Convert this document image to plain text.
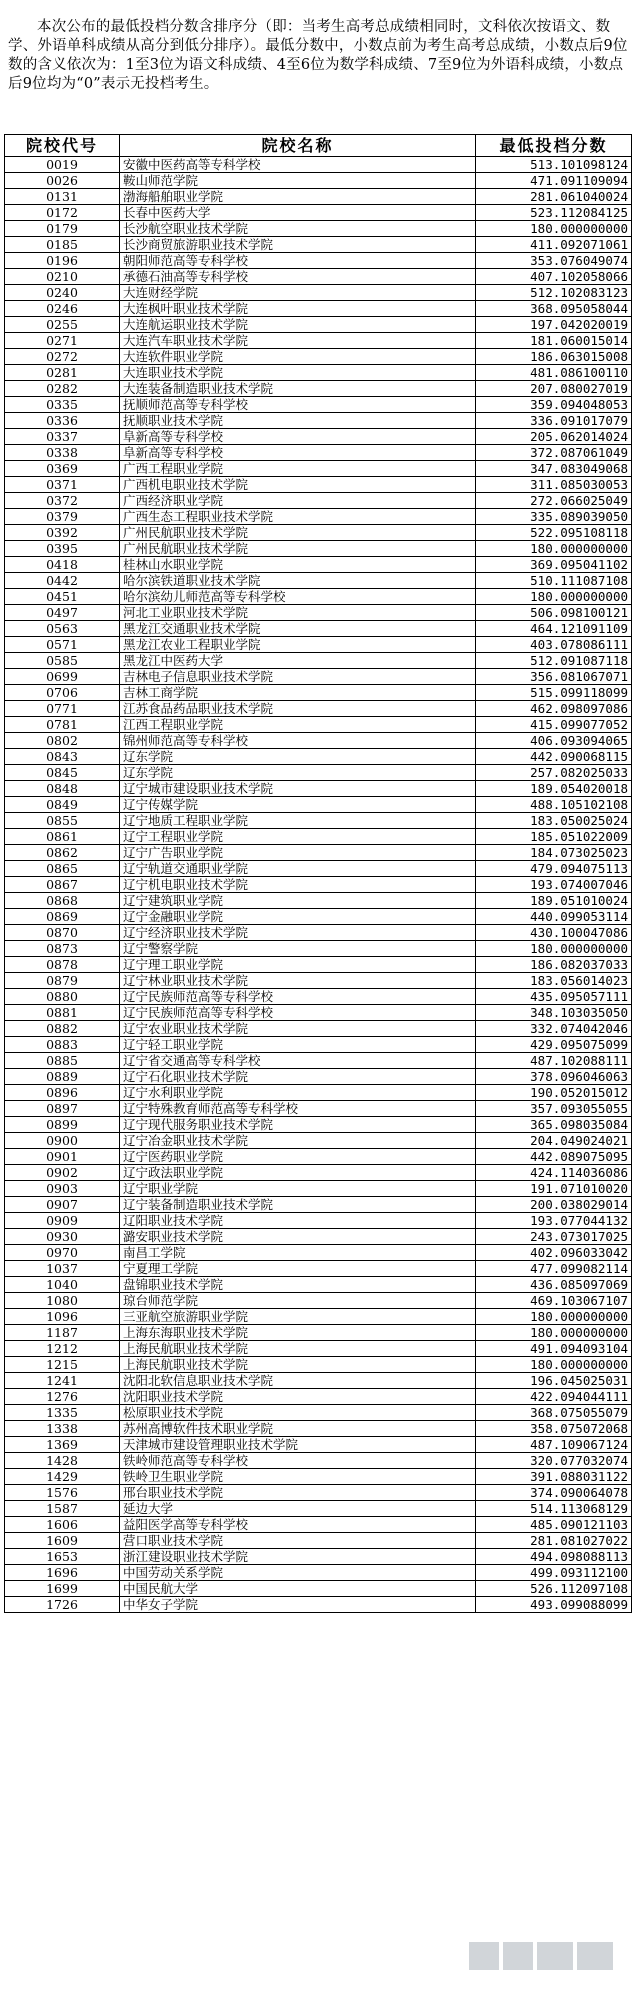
本次公布的最低投档分数含排序分（即：当考生高考总成绩相同时，文科依次按语文、数学、外语单科成绩从高分到低分排序）。最低分数中，小数点前为考生高考总成绩，小数点后9位数的含义依次为：1至3位为语文科成绩、4至6位为数学科成绩、7至9位为外语科成绩，小数点后9位均为“0”表示无投档考生。

院校代号	院校名称	最低投档分数
0019	安徽中医药高等专科学校	513.101098124
0026	鞍山师范学院	471.091109094
0131	渤海船舶职业学院	281.061040024
0172	长春中医药大学	523.112084125
0179	长沙航空职业技术学院	180.000000000
0185	长沙商贸旅游职业技术学院	411.092071061
0196	朝阳师范高等专科学校	353.076049074
0210	承德石油高等专科学校	407.102058066
0240	大连财经学院	512.102083123
0246	大连枫叶职业技术学院	368.095058044
0255	大连航运职业技术学院	197.042020019
0271	大连汽车职业技术学院	181.060015014
0272	大连软件职业学院	186.063015008
0281	大连职业技术学院	481.086100110
0282	大连装备制造职业技术学院	207.080027019
0335	抚顺师范高等专科学校	359.094048053
0336	抚顺职业技术学院	336.091017079
0337	阜新高等专科学校	205.062014024
0338	阜新高等专科学校	372.087061049
0369	广西工程职业学院	347.083049068
0371	广西机电职业技术学院	311.085030053
0372	广西经济职业学院	272.066025049
0379	广西生态工程职业技术学院	335.089039050
0392	广州民航职业技术学院	522.095108118
0395	广州民航职业技术学院	180.000000000
0418	桂林山水职业学院	369.095041102
0442	哈尔滨铁道职业技术学院	510.111087108
0451	哈尔滨幼儿师范高等专科学校	180.000000000
0497	河北工业职业技术学院	506.098100121
0563	黑龙江交通职业技术学院	464.121091109
0571	黑龙江农业工程职业学院	403.078086111
0585	黑龙江中医药大学	512.091087118
0699	吉林电子信息职业技术学院	356.081067071
0706	吉林工商学院	515.099118099
0771	江苏食品药品职业技术学院	462.098097086
0781	江西工程职业学院	415.099077052
0802	锦州师范高等专科学校	406.093094065
0843	辽东学院	442.090068115
0845	辽东学院	257.082025033
0848	辽宁城市建设职业技术学院	189.054020018
0849	辽宁传媒学院	488.105102108
0855	辽宁地质工程职业学院	183.050025024
0861	辽宁工程职业学院	185.051022009
0862	辽宁广告职业学院	184.073025023
0865	辽宁轨道交通职业学院	479.094075113
0867	辽宁机电职业技术学院	193.074007046
0868	辽宁建筑职业学院	189.051010024
0869	辽宁金融职业学院	440.099053114
0870	辽宁经济职业技术学院	430.100047086
0873	辽宁警察学院	180.000000000
0878	辽宁理工职业学院	186.082037033
0879	辽宁林业职业技术学院	183.056014023
0880	辽宁民族师范高等专科学校	435.095057111
0881	辽宁民族师范高等专科学校	348.103035050
0882	辽宁农业职业技术学院	332.074042046
0883	辽宁轻工职业学院	429.095075099
0885	辽宁省交通高等专科学校	487.102088111
0889	辽宁石化职业技术学院	378.096046063
0896	辽宁水利职业学院	190.052015012
0897	辽宁特殊教育师范高等专科学校	357.093055055
0899	辽宁现代服务职业技术学院	365.098035084
0900	辽宁冶金职业技术学院	204.049024021
0901	辽宁医药职业学院	442.089075095
0902	辽宁政法职业学院	424.114036086
0903	辽宁职业学院	191.071010020
0907	辽宁装备制造职业技术学院	200.038029014
0909	辽阳职业技术学院	193.077044132
0930	潞安职业技术学院	243.073017025
0970	南昌工学院	402.096033042
1037	宁夏理工学院	477.099082114
1040	盘锦职业技术学院	436.085097069
1080	琼台师范学院	469.103067107
1096	三亚航空旅游职业学院	180.000000000
1187	上海东海职业技术学院	180.000000000
1212	上海民航职业技术学院	491.094093104
1215	上海民航职业技术学院	180.000000000
1241	沈阳北软信息职业技术学院	196.045025031
1276	沈阳职业技术学院	422.094044111
1335	松原职业技术学院	368.075055079
1338	苏州高博软件技术职业学院	358.075072068
1369	天津城市建设管理职业技术学院	487.109067124
1428	铁岭师范高等专科学校	320.077032074
1429	铁岭卫生职业学院	391.088031122
1576	邢台职业技术学院	374.090064078
1587	延边大学	514.113068129
1606	益阳医学高等专科学校	485.090121103
1609	营口职业技术学院	281.081027022
1653	浙江建设职业技术学院	494.098088113
1696	中国劳动关系学院	499.093112100
1699	中国民航大学	526.112097108
1726	中华女子学院	493.099088099
